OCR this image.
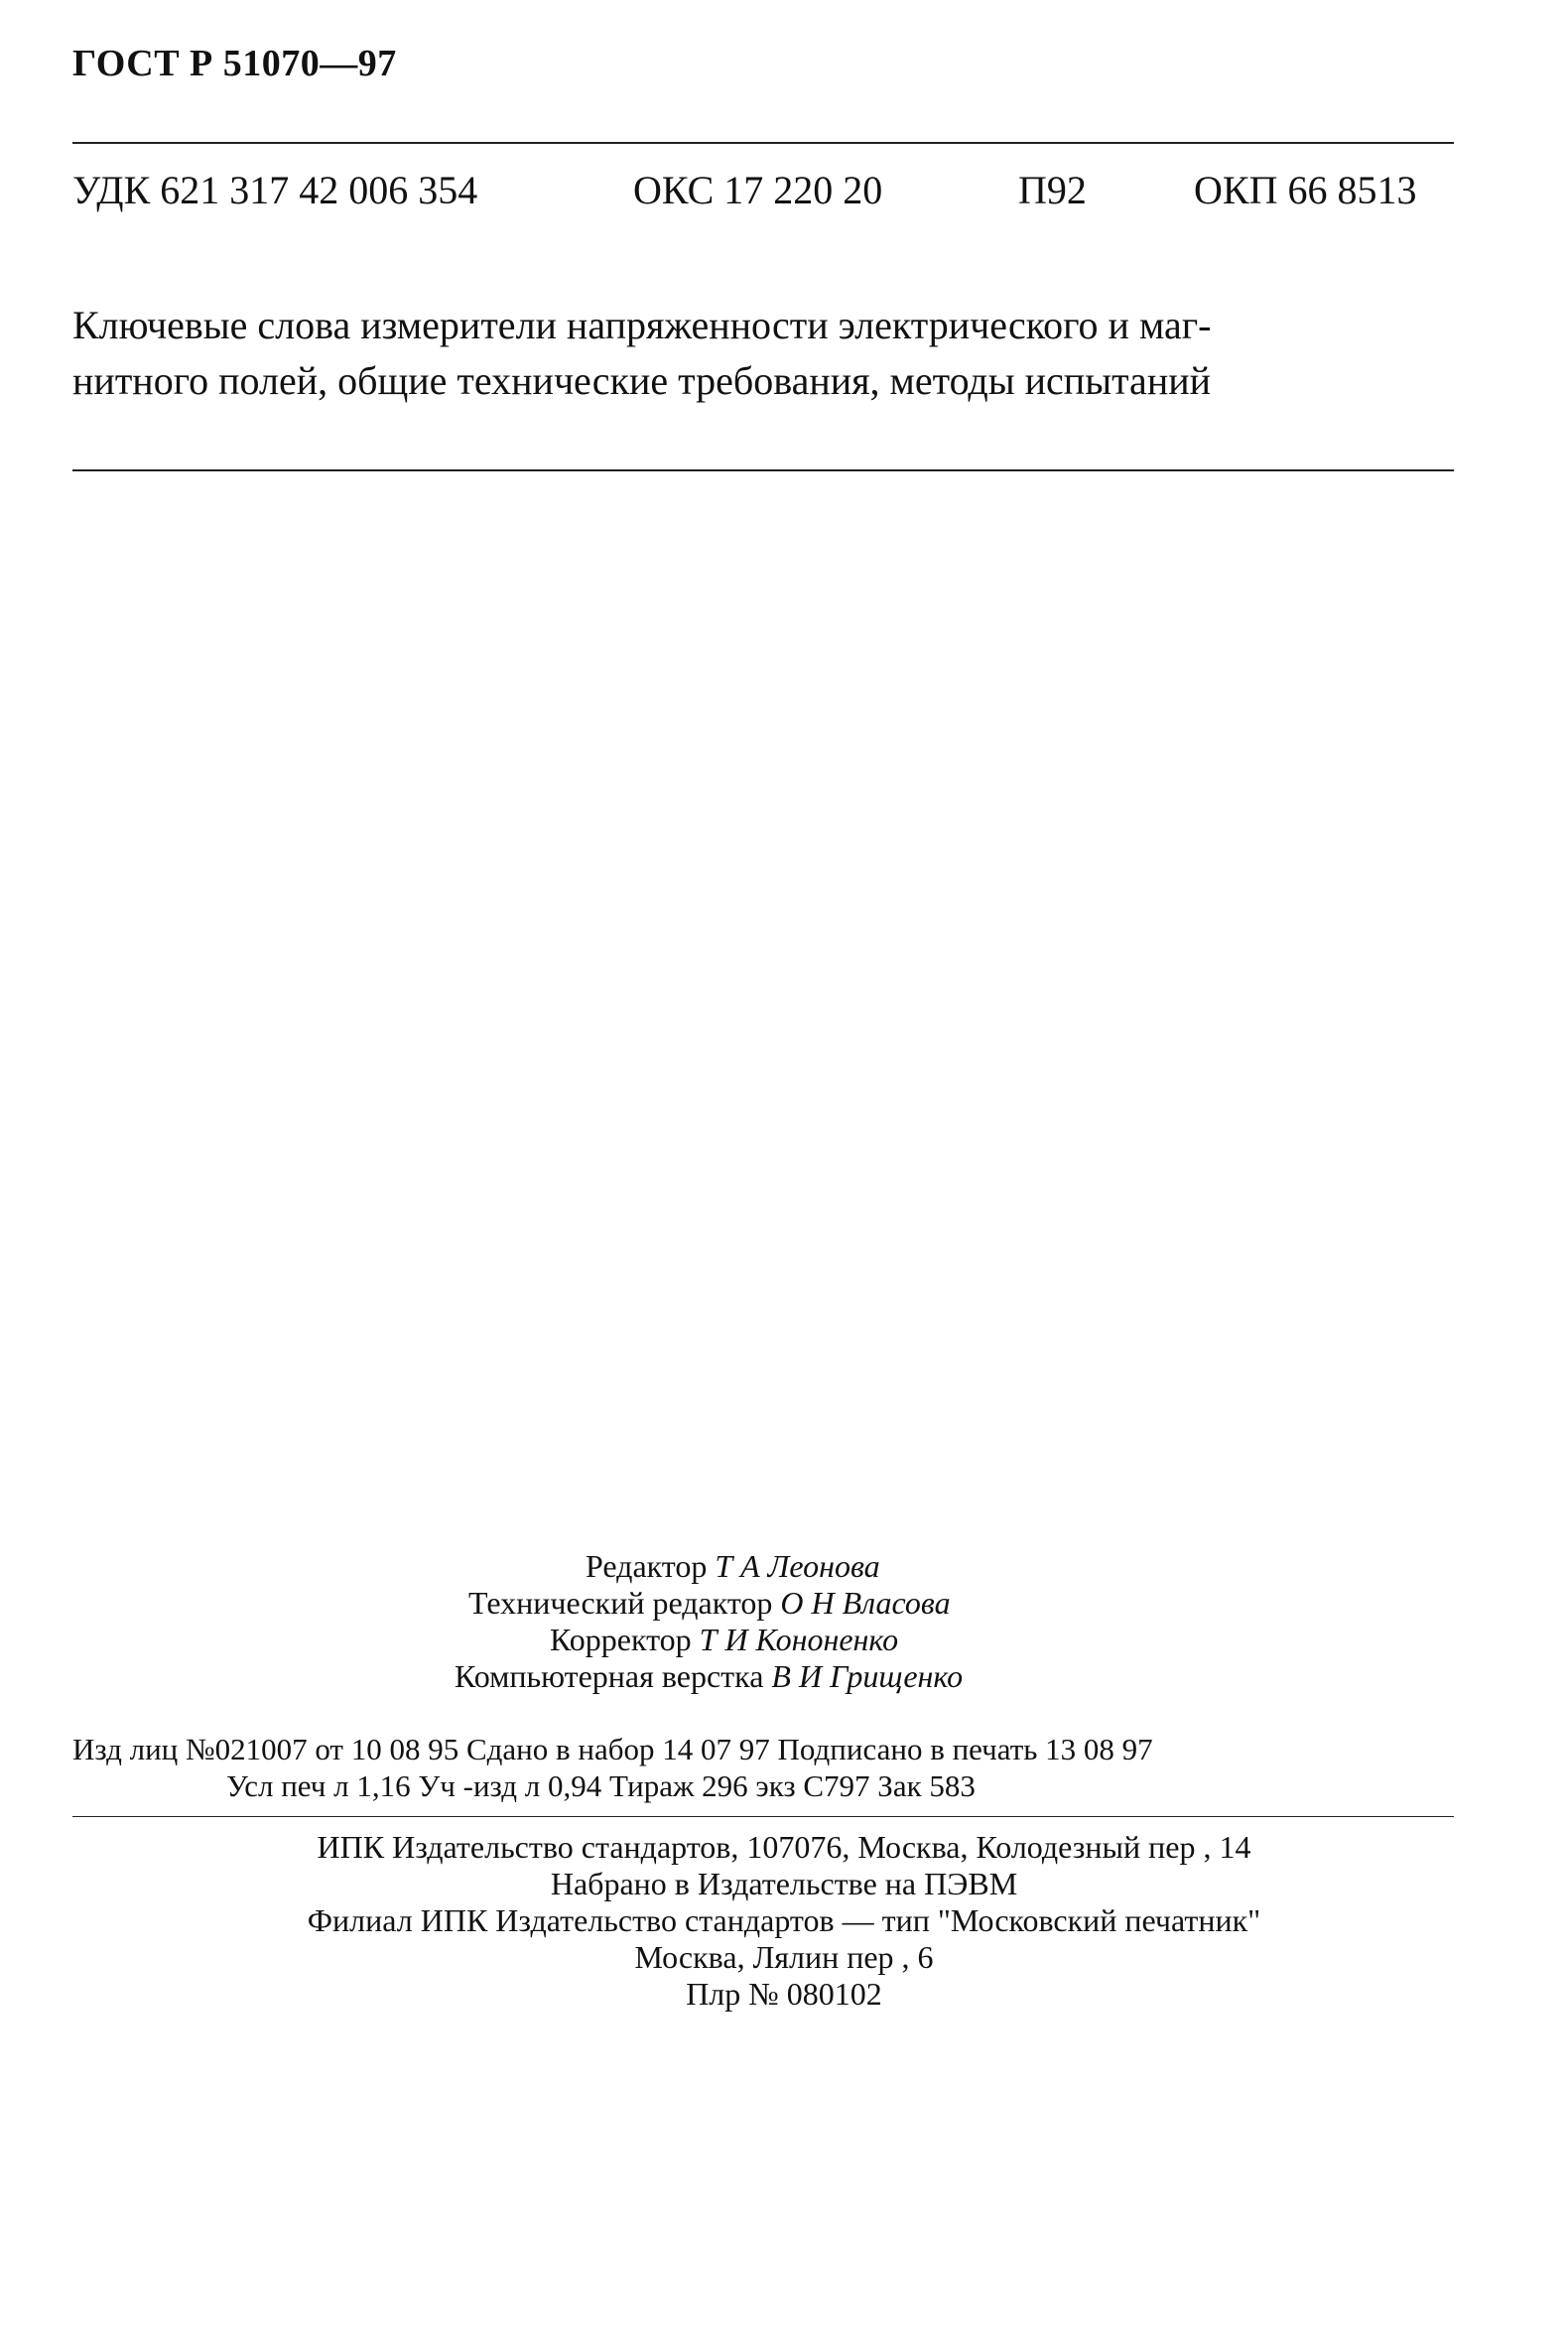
ГОСТ Р 51070—97
УДК 621 317 42 006 354	ОКС 17 220 20	П92	ОКП 66 8513
Ключевые слова измерители напряженности электрического и маг-
нитного полей, общие технические требования, методы испытаний
Редактор Т А Леонова
Технический редактор О Н Власова
Корректор Т И Кононенко
Компьютерная верстка В И Грищенко
Изд лиц №021007 от 10 08 95 Сдано в набор 14 07 97 Подписано в печать 13 08 97
Усл печ л 1,16 Уч -изд л 0,94 Тираж 296 экз С797 Зак 583
ИПК Издательство стандартов, 107076, Москва, Колодезный пер , 14
Набрано в Издательстве на ПЭВМ
Филиал ИПК Издательство стандартов — тип "Московский печатник"
Москва, Лялин пер , 6
Плр № 080102
